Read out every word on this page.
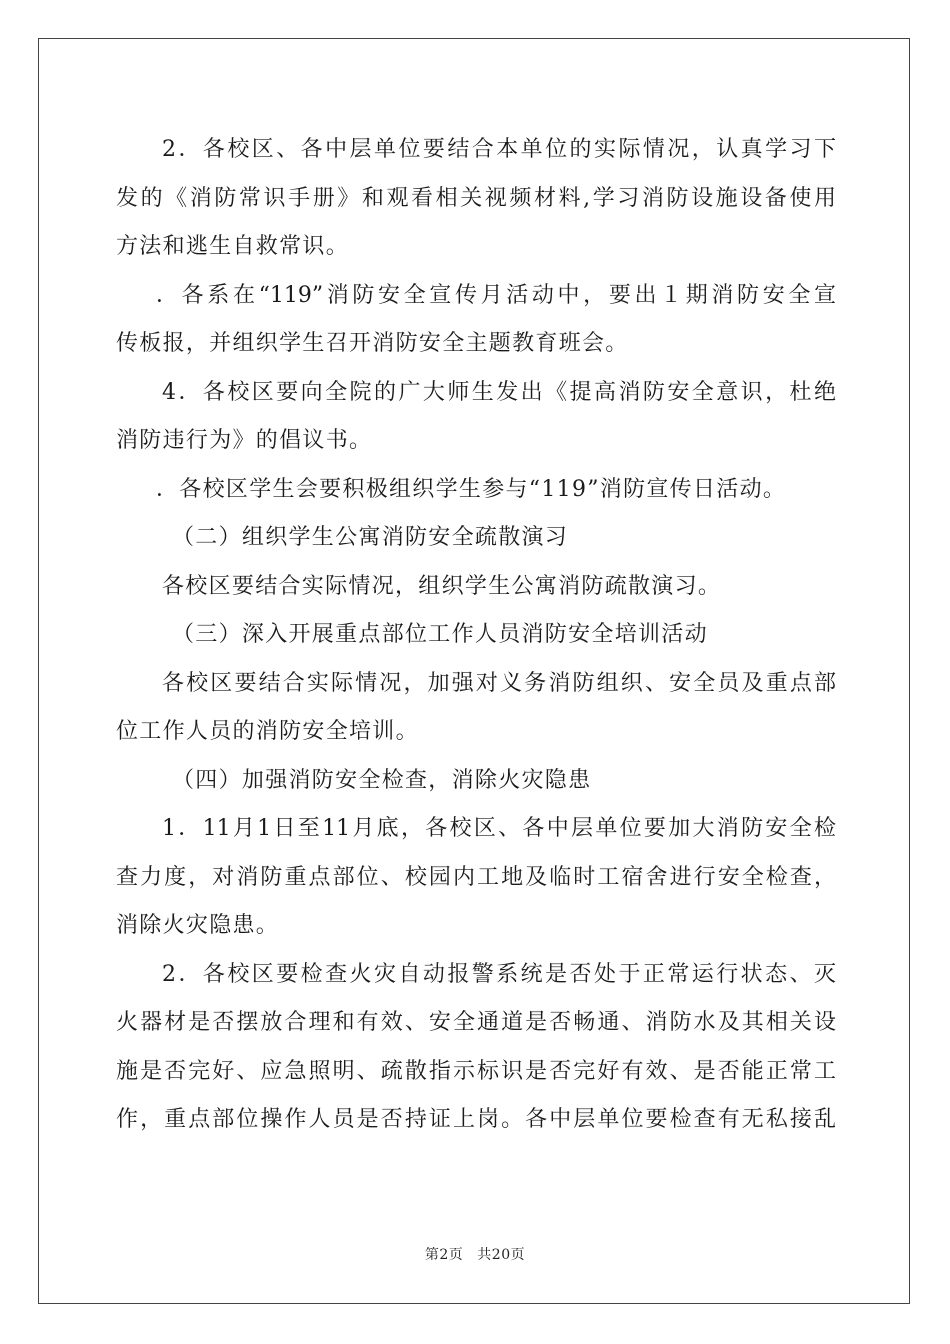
2．各校区、各中层单位要结合本单位的实际情况，认真学习下
发的《消防常识手册》和观看相关视频材料,学习消防设施设备使用
方法和逃生自救常识。
．各系在“119”消防安全宣传月活动中，要出１期消防安全宣
传板报，并组织学生召开消防安全主题教育班会。
4．各校区要向全院的广大师生发出《提高消防安全意识，杜绝
消防违行为》的倡议书。
．各校区学生会要积极组织学生参与“119”消防宣传日活动。
（二）组织学生公寓消防安全疏散演习
各校区要结合实际情况，组织学生公寓消防疏散演习。
（三）深入开展重点部位工作人员消防安全培训活动
各校区要结合实际情况，加强对义务消防组织、安全员及重点部
位工作人员的消防安全培训。
（四）加强消防安全检查，消除火灾隐患
1．11月1日至11月底，各校区、各中层单位要加大消防安全检
查力度，对消防重点部位、校园内工地及临时工宿舍进行安全检查，
消除火灾隐患。
2．各校区要检查火灾自动报警系统是否处于正常运行状态、灭
火器材是否摆放合理和有效、安全通道是否畅通、消防水及其相关设
施是否完好、应急照明、疏散指示标识是否完好有效、是否能正常工
作，重点部位操作人员是否持证上岗。各中层单位要检查有无私接乱
第2页 共20页
